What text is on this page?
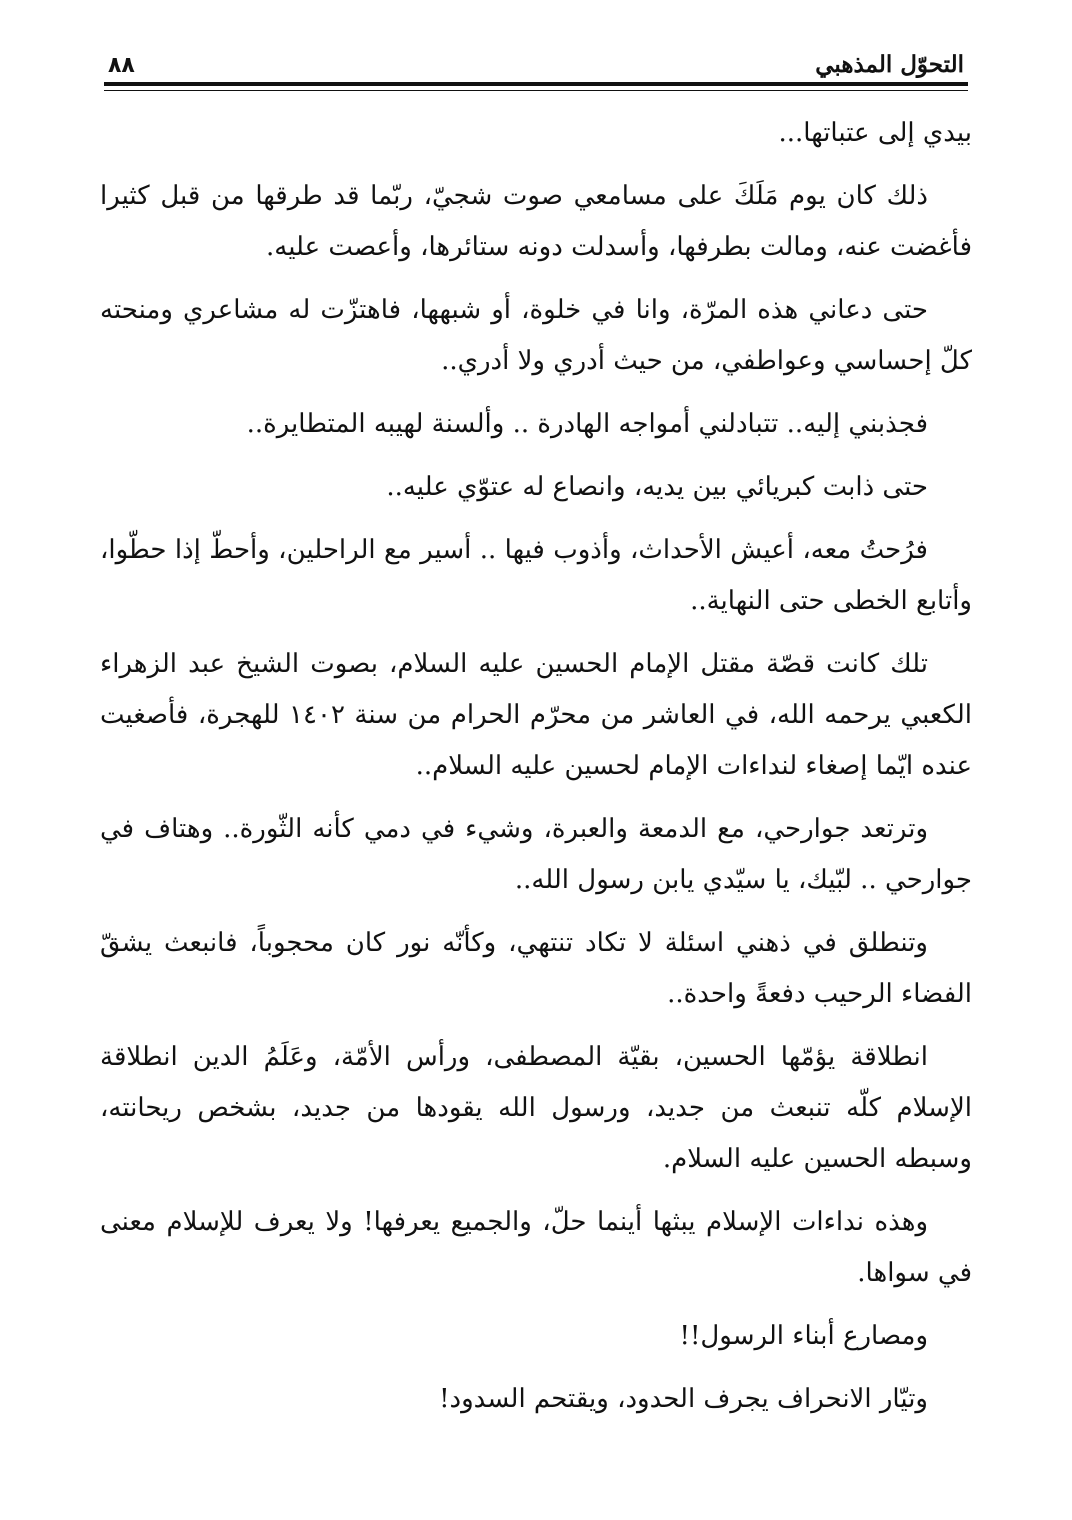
التحوّل المذهبي
٨٨

بيدي إلى عتباتها...

ذلك كان يوم مَلَكَ على مسامعي صوت شجيّ، ربّما قد طرقها من قبل كثيرا فأغضت عنه، ومالت بطرفها، وأسدلت دونه ستائرها، وأعصت عليه.

حتى دعاني هذه المرّة، وانا في خلوة، أو شبهها، فاهتزّت له مشاعري ومنحته كلّ إحساسي وعواطفي، من حيث أدري ولا أدري..

فجذبني إليه.. تتبادلني أمواجه الهادرة .. وألسنة لهيبه المتطايرة..

حتى ذابت كبريائي بين يديه، وانصاع له عتوّي عليه..

فرُحتُ معه، أعيش الأحداث، وأذوب فيها .. أسير مع الراحلين، وأحطّ إذا حطّوا، وأتابع الخطى حتى النهاية..

تلك كانت قصّة مقتل الإمام الحسين عليه السلام، بصوت الشيخ عبد الزهراء الكعبي يرحمه الله، في العاشر من محرّم الحرام من سنة ١٤٠٢ للهجرة، فأصغيت عنده ايّما إصغاء لنداءات الإمام لحسين عليه السلام..

وترتعد جوارحي، مع الدمعة والعبرة، وشيء في دمي كأنه الثّورة.. وهتاف في جوارحي .. لبّيك، يا سيّدي يابن رسول الله..

وتنطلق في ذهني اسئلة لا تكاد تنتهي، وكأنّه نور كان محجوباً، فانبعث يشقّ الفضاء الرحيب دفعةً واحدة..

انطلاقة يؤمّها الحسين، بقيّة المصطفى، ورأس الأمّة، وعَلَمُ الدين انطلاقة الإسلام كلّه تنبعث من جديد، ورسول الله يقودها من جديد، بشخص ريحانته، وسبطه الحسين عليه السلام.

وهذه نداءات الإسلام يبثها أينما حلّ، والجميع يعرفها! ولا يعرف للإسلام معنى في سواها.

ومصارع أبناء الرسول!!

وتيّار الانحراف يجرف الحدود، ويقتحم السدود!
